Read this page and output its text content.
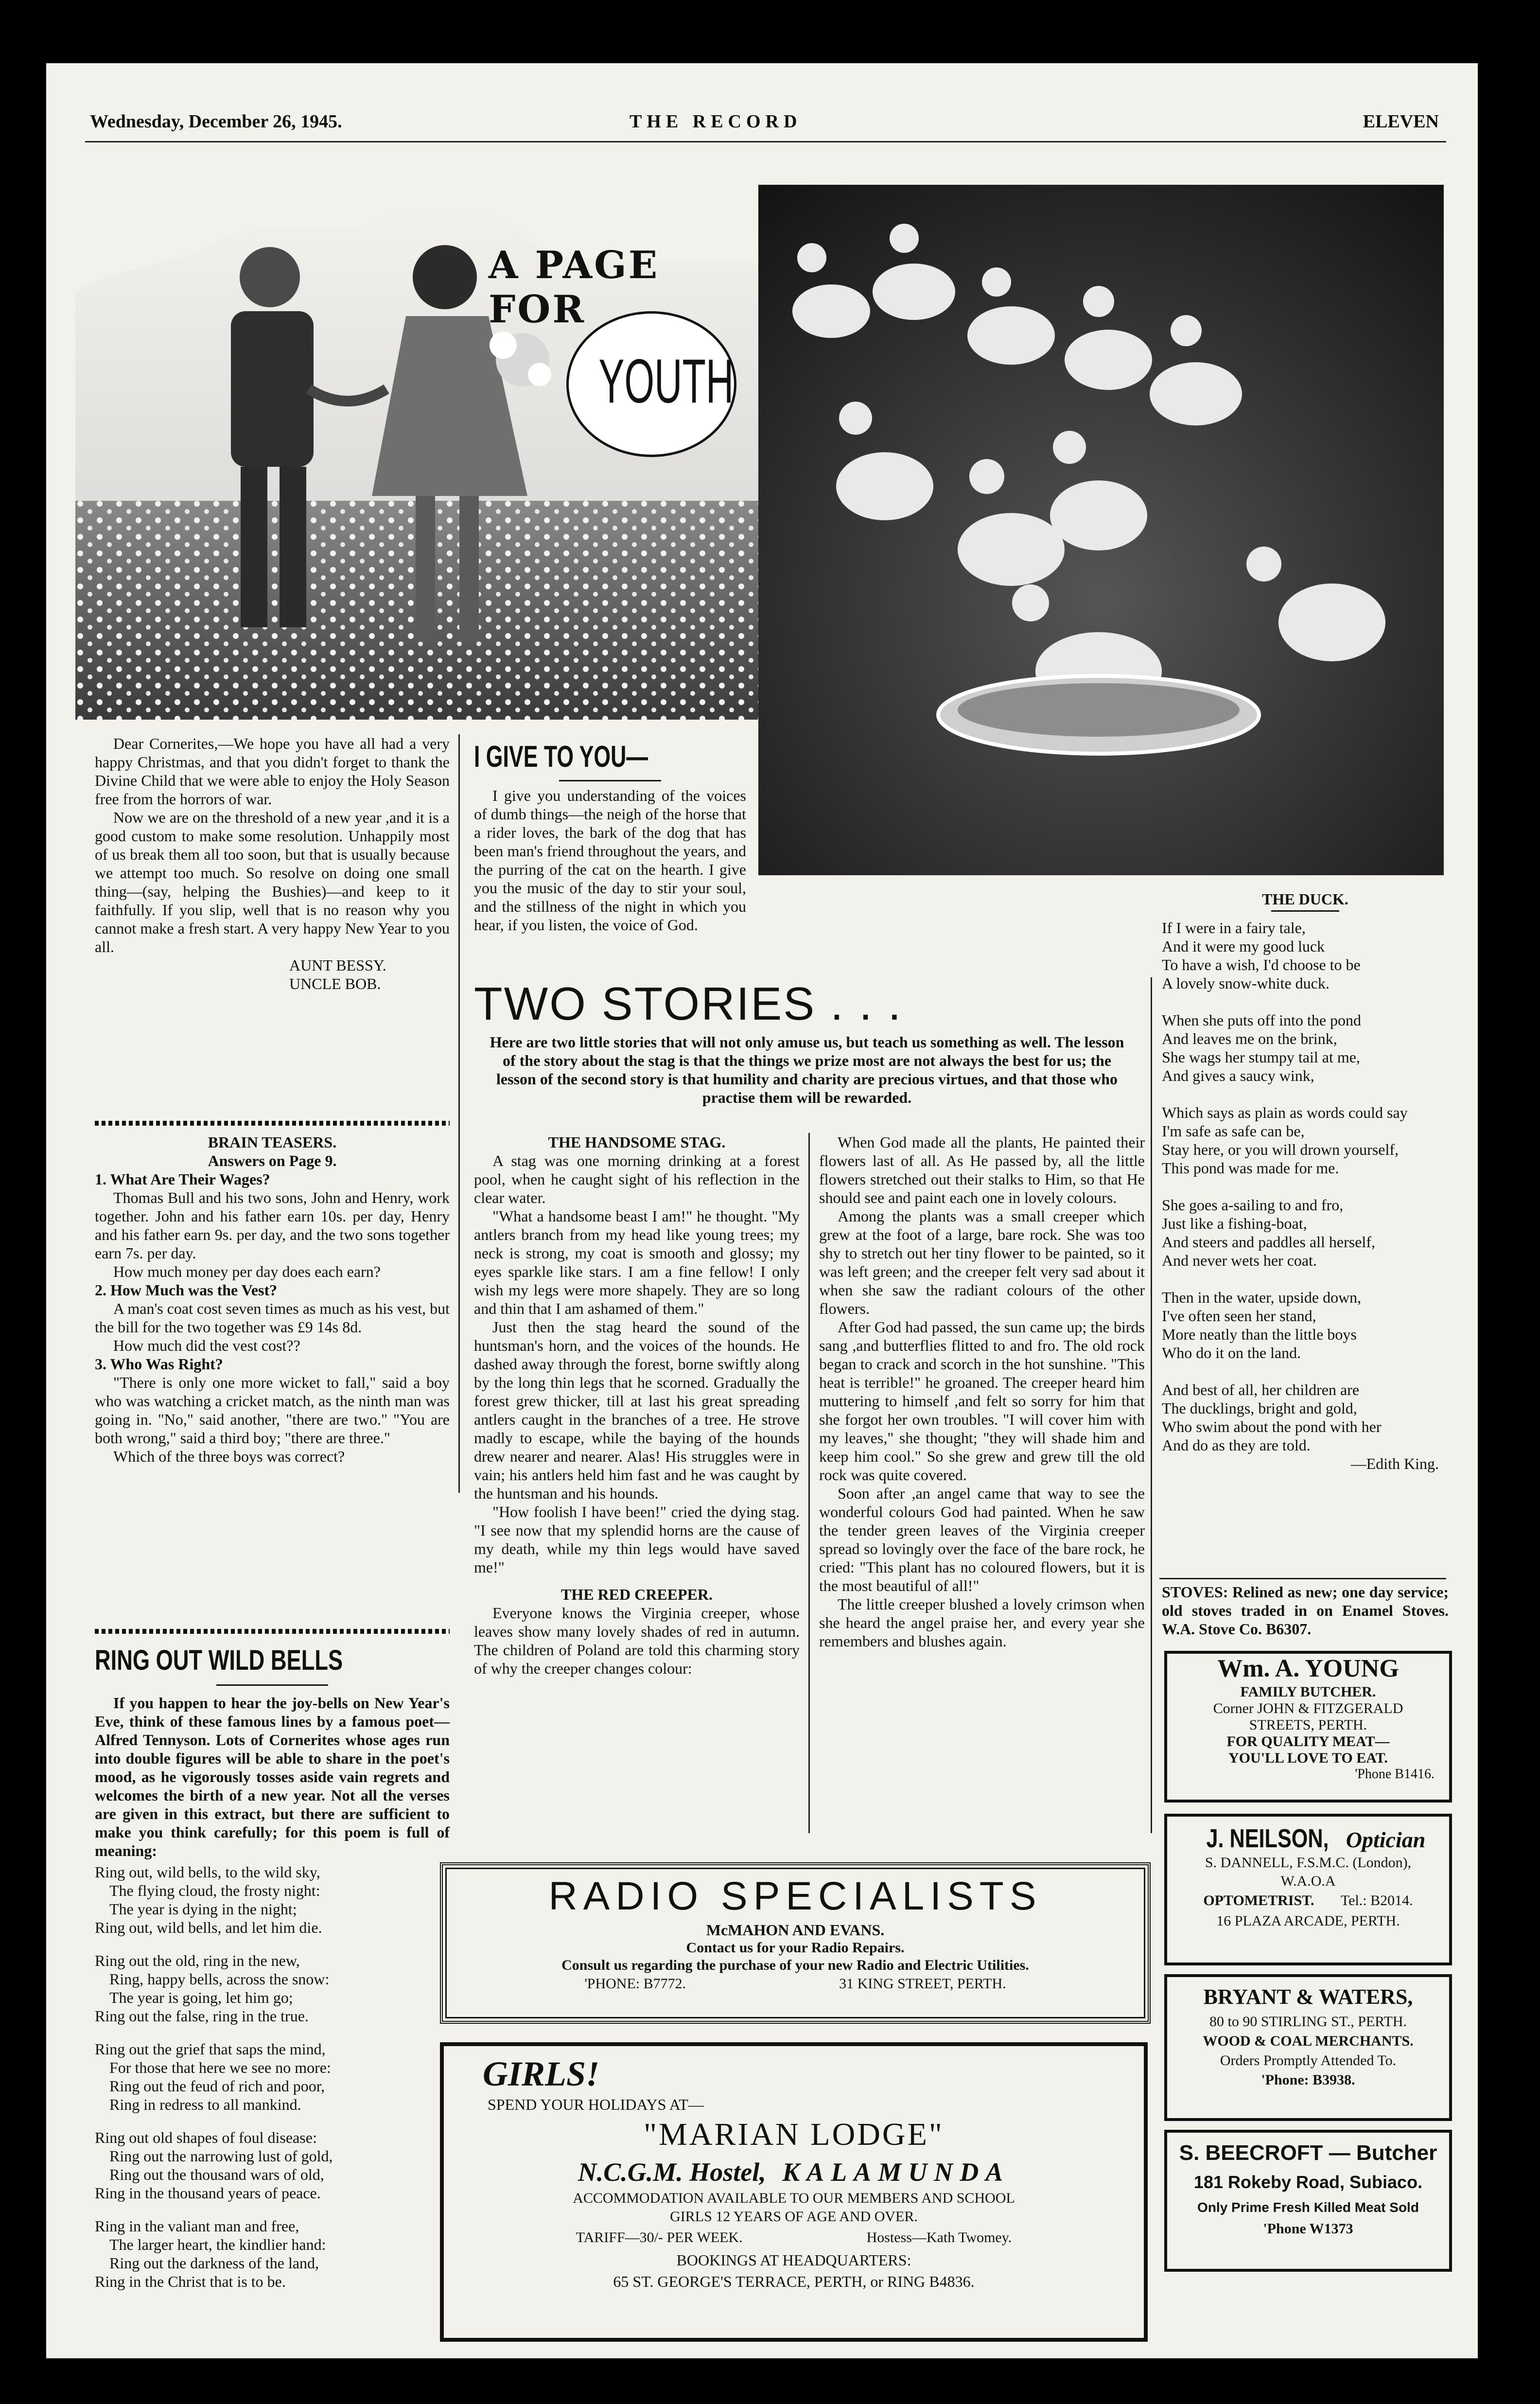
Wednesday, December 26, 1945.	THE RECORD	ELEVEN
A PAGE FOR
YOUTH

Dear Cornerites,—We hope you have all had a very happy Christmas, and that you didn't forget to thank the Divine Child that we were able to enjoy the Holy Season free from the horrors of war.

Now we are on the threshold of a new year ,and it is a good custom to make some resolution. Unhappily most of us break them all too soon, but that is usually because we attempt too much. So resolve on doing one small thing—(say, helping the Bushies)—and keep to it faithfully. If you slip, well that is no reason why you cannot make a fresh start. A very happy New Year to you all.

AUNT BESSY.
UNCLE BOB.
BRAIN TEASERS.
Answers on Page 9.
1. What Are Their Wages?

Thomas Bull and his two sons, John and Henry, work together. John and his father earn 10s. per day, Henry and his father earn 9s. per day, and the two sons together earn 7s. per day.

How much money per day does each earn?

2. How Much was the Vest?

A man's coat cost seven times as much as his vest, but the bill for the two together was £9 14s 8d.

How much did the vest cost??

3. Who Was Right?

"There is only one more wicket to fall," said a boy who was watching a cricket match, as the ninth man was going in. "No," said another, "there are two." "You are both wrong," said a third boy; "there are three."

Which of the three boys was correct?

RING OUT WILD BELLS
If you happen to hear the joy-bells on New Year's Eve, think of these famous lines by a famous poet—Alfred Tennyson. Lots of Cornerites whose ages run into double figures will be able to share in the poet's mood, as he vigorously tosses aside vain regrets and welcomes the birth of a new year. Not all the verses are given in this extract, but there are sufficient to make you think carefully; for this poem is full of meaning:
Ring out, wild bells, to the wild sky,
The flying cloud, the frosty night:
The year is dying in the night;
Ring out, wild bells, and let him die.
Ring out the old, ring in the new,
Ring, happy bells, across the snow:
The year is going, let him go;
Ring out the false, ring in the true.
Ring out the grief that saps the mind,
For those that here we see no more:
Ring out the feud of rich and poor,
Ring in redress to all mankind.
Ring out old shapes of foul disease:
Ring out the narrowing lust of gold,
Ring out the thousand wars of old,
Ring in the thousand years of peace.
Ring in the valiant man and free,
The larger heart, the kindlier hand:
Ring out the darkness of the land,
Ring in the Christ that is to be.
I GIVE TO YOU—
I give you understanding of the voices of dumb things—the neigh of the horse that a rider loves, the bark of the dog that has been man's friend throughout the years, and the purring of the cat on the hearth. I give you the music of the day to stir your soul, and the stillness of the night in which you hear, if you listen, the voice of God.
TWO STORIES . . .
Here are two little stories that will not only amuse us, but teach us something as well. The lesson of the story about the stag is that the things we prize most are not always the best for us; the lesson of the second story is that humility and charity are precious virtues, and that those who practise them will be rewarded.
THE HANDSOME STAG.

A stag was one morning drinking at a forest pool, when he caught sight of his reflection in the clear water.

"What a handsome beast I am!" he thought. "My antlers branch from my head like young trees; my neck is strong, my coat is smooth and glossy; my eyes sparkle like stars. I am a fine fellow! I only wish my legs were more shapely. They are so long and thin that I am ashamed of them."

Just then the stag heard the sound of the huntsman's horn, and the voices of the hounds. He dashed away through the forest, borne swiftly along by the long thin legs that he scorned. Gradually the forest grew thicker, till at last his great spreading antlers caught in the branches of a tree. He strove madly to escape, while the baying of the hounds drew nearer and nearer. Alas! His struggles were in vain; his antlers held him fast and he was caught by the huntsman and his hounds.

"How foolish I have been!" cried the dying stag. "I see now that my splendid horns are the cause of my death, while my thin legs would have saved me!"

THE RED CREEPER.

Everyone knows the Virginia creeper, whose leaves show many lovely shades of red in autumn. The children of Poland are told this charming story of why the creeper changes colour:

When God made all the plants, He painted their flowers last of all. As He passed by, all the little flowers stretched out their stalks to Him, so that He should see and paint each one in lovely colours.

Among the plants was a small creeper which grew at the foot of a large, bare rock. She was too shy to stretch out her tiny flower to be painted, so it was left green; and the creeper felt very sad about it when she saw the radiant colours of the other flowers.

After God had passed, the sun came up; the birds sang ,and butterflies flitted to and fro. The old rock began to crack and scorch in the hot sunshine. "This heat is terrible!" he groaned. The creeper heard him muttering to himself ,and felt so sorry for him that she forgot her own troubles. "I will cover him with my leaves," she thought; "they will shade him and keep him cool." So she grew and grew till the old rock was quite covered.

Soon after ,an angel came that way to see the wonderful colours God had painted. When he saw the tender green leaves of the Virginia creeper spread so lovingly over the face of the bare rock, he cried: "This plant has no coloured flowers, but it is the most beautiful of all!"

The little creeper blushed a lovely crimson when she heard the angel praise her, and every year she remembers and blushes again.

THE DUCK.
If I were in a fairy tale,
And it were my good luck
To have a wish, I'd choose to be
A lovely snow-white duck.
When she puts off into the pond
And leaves me on the brink,
She wags her stumpy tail at me,
And gives a saucy wink,
Which says as plain as words could say
I'm safe as safe can be,
Stay here, or you will drown yourself,
This pond was made for me.
She goes a-sailing to and fro,
Just like a fishing-boat,
And steers and paddles all herself,
And never wets her coat.
Then in the water, upside down,
I've often seen her stand,
More neatly than the little boys
Who do it on the land.
And best of all, her children are
The ducklings, bright and gold,
Who swim about the pond with her
And do as they are told.
—Edith King.
STOVES: Relined as new; one day service; old stoves traded in on Enamel Stoves. W.A. Stove Co. B6307.
Wm. A. YOUNG
FAMILY BUTCHER.
Corner JOHN & FITZGERALD
STREETS, PERTH.
FOR QUALITY MEAT—
YOU'LL LOVE TO EAT.
'Phone B1416.
J. NEILSON, Optician
S. DANNELL, F.S.M.C. (London),
W.A.O.A
OPTOMETRIST. Tel.: B2014.
16 PLAZA ARCADE, PERTH.
BRYANT & WATERS,
80 to 90 STIRLING ST., PERTH.
WOOD & COAL MERCHANTS.
Orders Promptly Attended To.
'Phone: B3938.
S. BEECROFT — Butcher
181 Rokeby Road, Subiaco.
Only Prime Fresh Killed Meat Sold
'Phone W1373
RADIO SPECIALISTS
McMAHON AND EVANS.
Contact us for your Radio Repairs.
Consult us regarding the purchase of your new Radio and Electric Utilities.
'PHONE: B7772.	31 KING STREET, PERTH.
GIRLS!
SPEND YOUR HOLIDAYS AT—
"MARIAN LODGE"
N.C.G.M. Hostel, KALAMUNDA
ACCOMMODATION AVAILABLE TO OUR MEMBERS AND SCHOOL
GIRLS 12 YEARS OF AGE AND OVER.
TARIFF—30/- PER WEEK.	Hostess—Kath Twomey.
BOOKINGS AT HEADQUARTERS:
65 ST. GEORGE'S TERRACE, PERTH, or RING B4836.
